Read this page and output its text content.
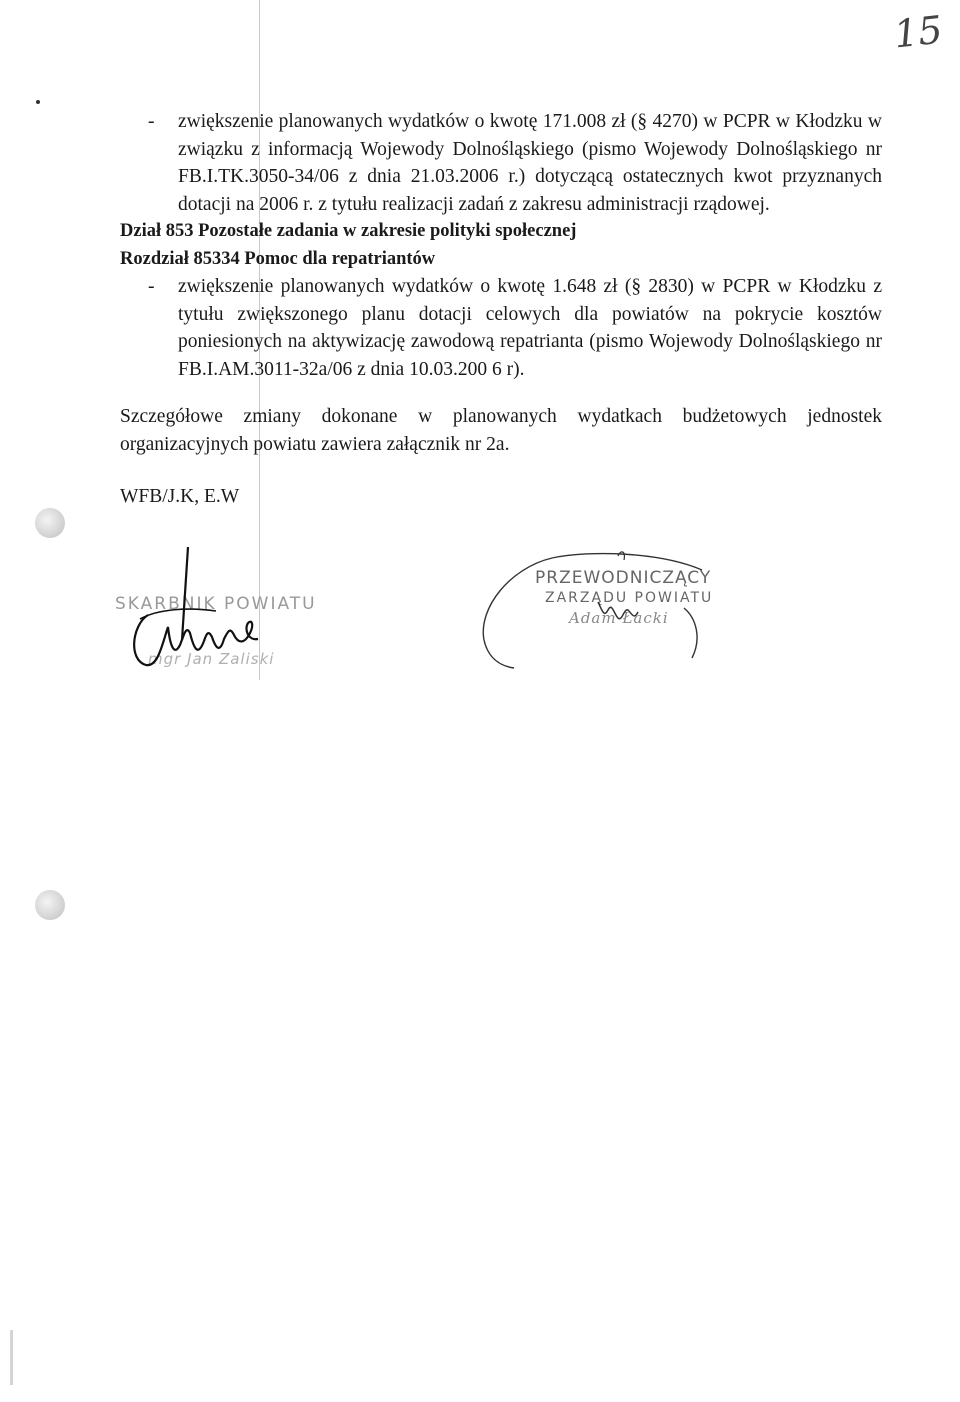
15
- zwiększenie planowanych wydatków o kwotę 171.008 zł (§ 4270) w PCPR w Kłodzku w związku z informacją Wojewody Dolnośląskiego (pismo Wojewody Dolnośląskiego nr FB.I.TK.3050-34/06 z dnia 21.03.2006 r.) dotyczącą ostatecznych kwot przyznanych dotacji na 2006 r. z tytułu realizacji zadań z zakresu administracji rządowej.
Dział 853 Pozostałe zadania w zakresie polityki społecznej
Rozdział 85334 Pomoc dla repatriantów
- zwiększenie planowanych wydatków o kwotę 1.648 zł (§ 2830) w PCPR w Kłodzku z tytułu zwiększonego planu dotacji celowych dla powiatów na pokrycie kosztów poniesionych na aktywizację zawodową repatrianta (pismo Wojewody Dolnośląskiego nr FB.I.AM.3011-32a/06 z dnia 10.03.200 6 r).
Szczegółowe zmiany dokonane w planowanych wydatkach budżetowych jednostek organizacyjnych powiatu zawiera załącznik nr 2a.
WFB/J.K, E.W
SKARBNIK POWIATU
mgr Jan Zaliski
PRZEWODNICZĄCY
ZARZĄDU POWIATU
Adam Łacki
